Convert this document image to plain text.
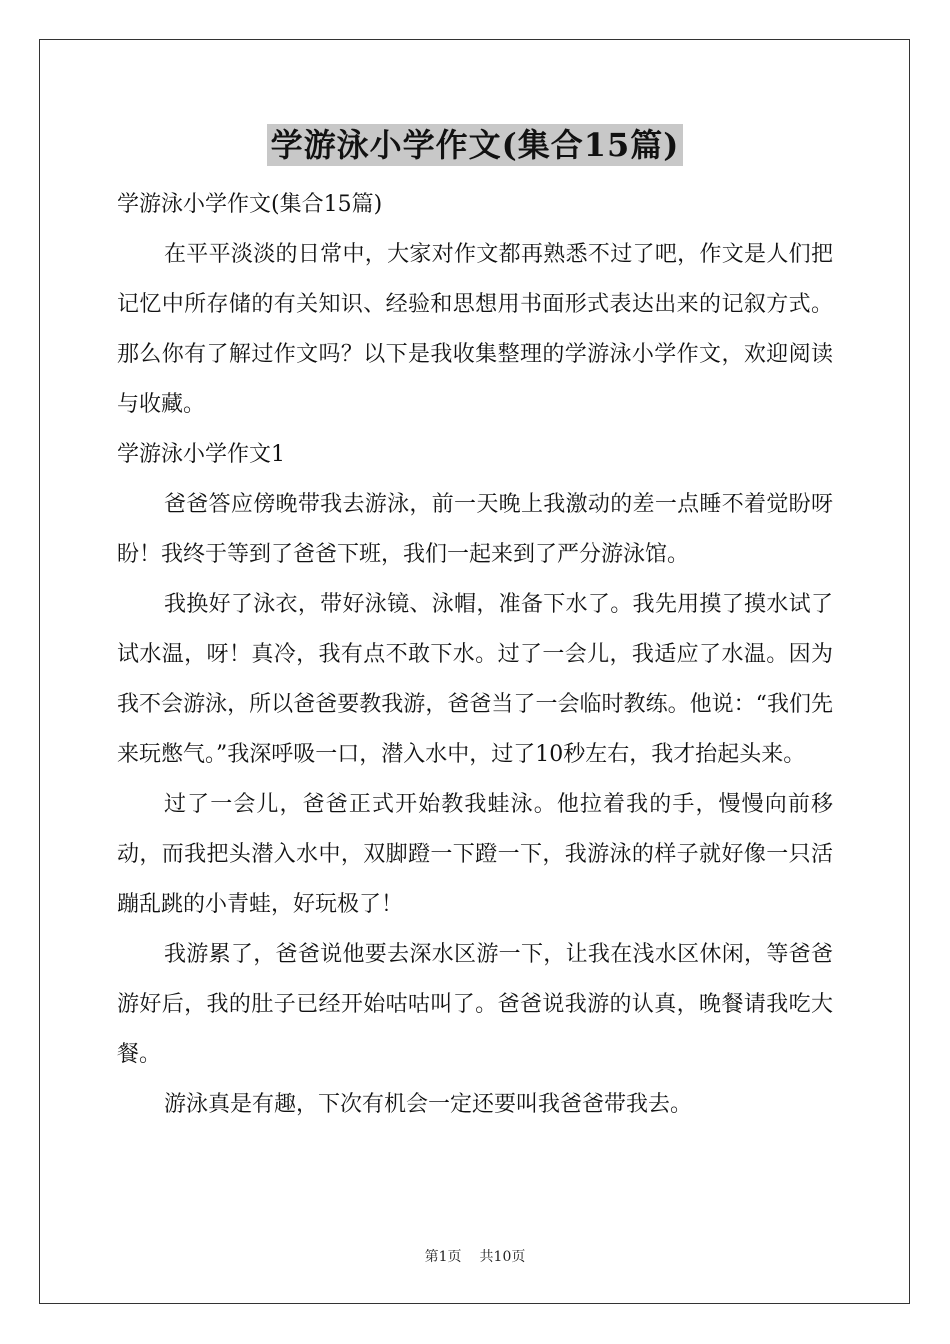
学游泳小学作文(集合15篇)

学游泳小学作文(集合15篇)

在平平淡淡的日常中，大家对作文都再熟悉不过了吧，作文是人们把记忆中所存储的有关知识、经验和思想用书面形式表达出来的记叙方式。那么你有了解过作文吗？以下是我收集整理的学游泳小学作文，欢迎阅读与收藏。

学游泳小学作文1

爸爸答应傍晚带我去游泳，前一天晚上我激动的差一点睡不着觉盼呀盼！我终于等到了爸爸下班，我们一起来到了严分游泳馆。

我换好了泳衣，带好泳镜、泳帽，准备下水了。我先用摸了摸水试了试水温，呀！真冷，我有点不敢下水。过了一会儿，我适应了水温。因为我不会游泳，所以爸爸要教我游，爸爸当了一会临时教练。他说：“我们先来玩憋气。”我深呼吸一口，潜入水中，过了10秒左右，我才抬起头来。

过了一会儿，爸爸正式开始教我蛙泳。他拉着我的手，慢慢向前移动，而我把头潜入水中，双脚蹬一下蹬一下，我游泳的样子就好像一只活蹦乱跳的小青蛙，好玩极了！

我游累了，爸爸说他要去深水区游一下，让我在浅水区休闲，等爸爸游好后，我的肚子已经开始咕咕叫了。爸爸说我游的认真，晚餐请我吃大餐。

游泳真是有趣，下次有机会一定还要叫我爸爸带我去。

第1页 共10页
